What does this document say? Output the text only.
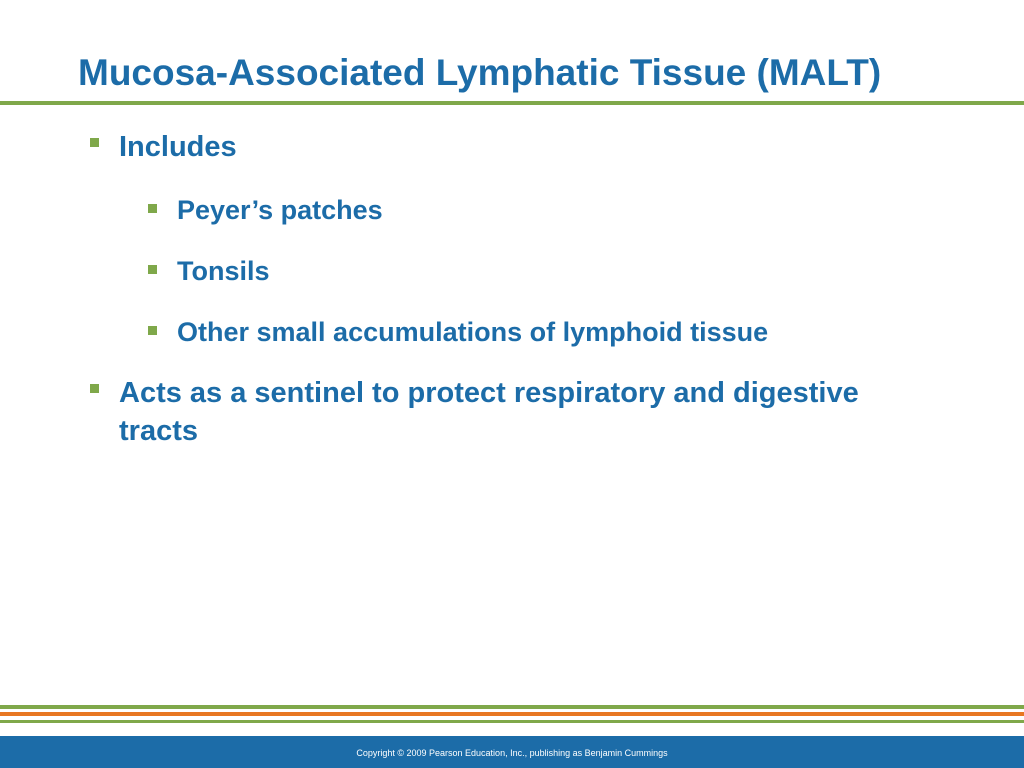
Mucosa-Associated Lymphatic Tissue (MALT)
Includes
Peyer’s patches
Tonsils
Other small accumulations of lymphoid tissue
Acts as a sentinel to protect respiratory and digestive tracts
Copyright © 2009 Pearson Education, Inc., publishing as Benjamin Cummings
